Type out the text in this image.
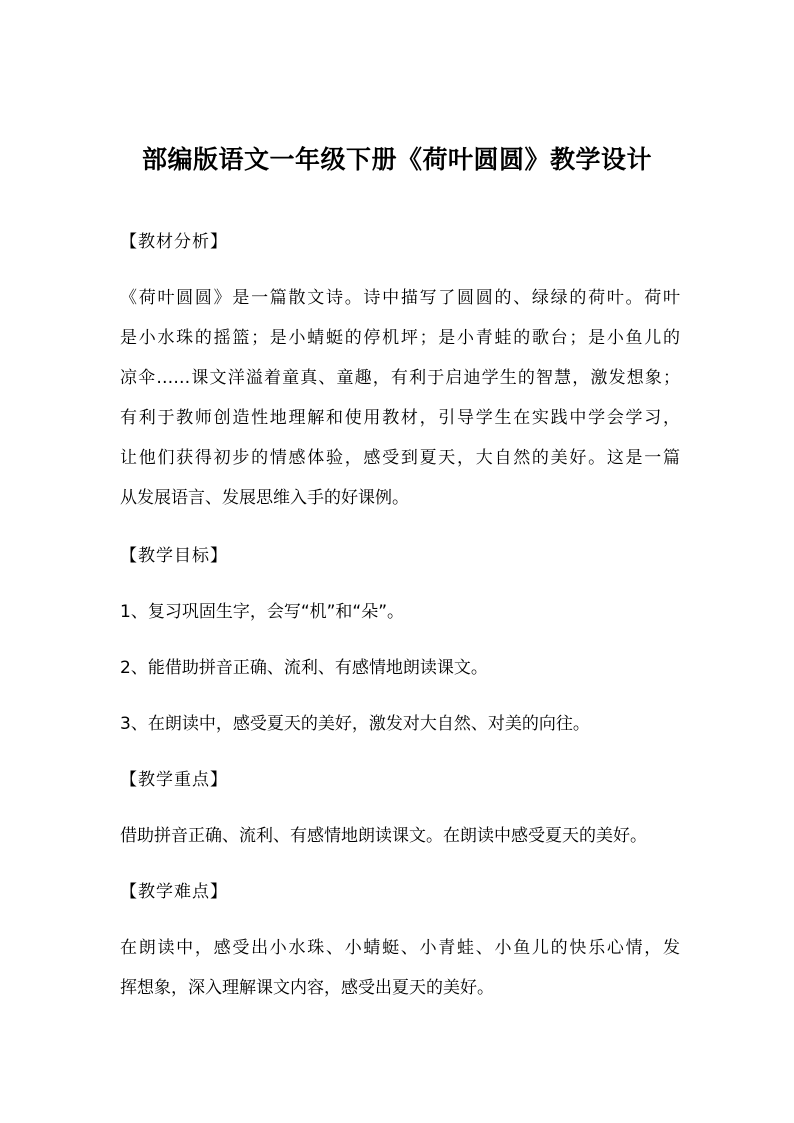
部编版语文一年级下册《荷叶圆圆》教学设计
【教材分析】
《荷叶圆圆》是一篇散文诗。诗中描写了圆圆的、绿绿的荷叶。荷叶
是小水珠的摇篮；是小蜻蜓的停机坪；是小青蛙的歌台；是小鱼儿的
凉伞……课文洋溢着童真、童趣，有利于启迪学生的智慧，激发想象；
有利于教师创造性地理解和使用教材，引导学生在实践中学会学习，
让他们获得初步的情感体验，感受到夏天，大自然的美好。这是一篇
从发展语言、发展思维入手的好课例。
【教学目标】
1、复习巩固生字，会写“机”和“朵”。
2、能借助拼音正确、流利、有感情地朗读课文。
3、在朗读中，感受夏天的美好，激发对大自然、对美的向往。
【教学重点】
借助拼音正确、流利、有感情地朗读课文。在朗读中感受夏天的美好。
【教学难点】
在朗读中，感受出小水珠、小蜻蜓、小青蛙、小鱼儿的快乐心情，发
挥想象，深入理解课文内容，感受出夏天的美好。
